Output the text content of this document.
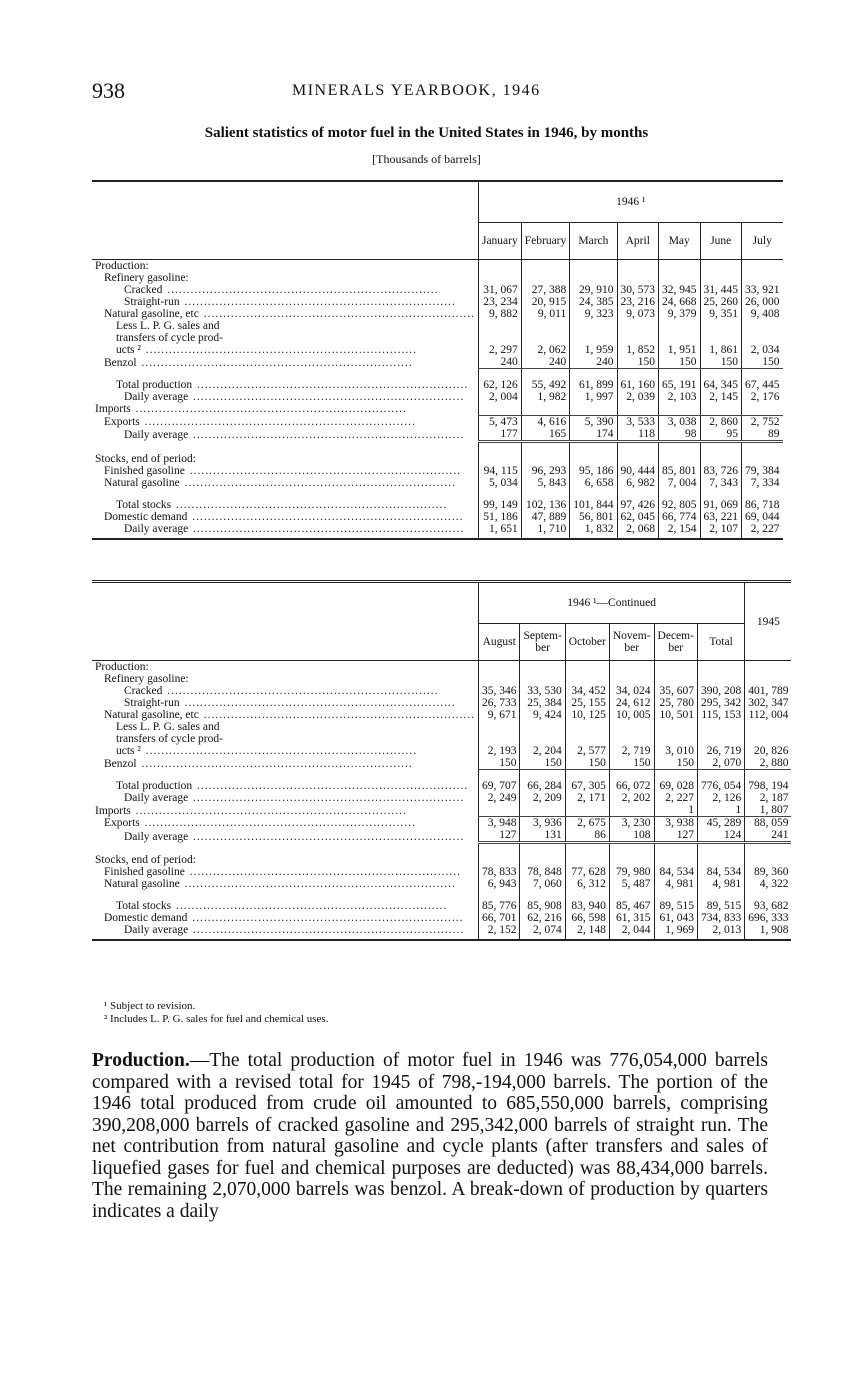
938	MINERALS YEARBOOK, 1946
Salient statistics of motor fuel in the United States in 1946, by months
[Thousands of barrels]
	1946 ¹						
	January	February	March	April	May	June	July
Production:							
Refinery gasoline:							
Cracked .....	31, 067	27, 388	29, 910	30, 573	32, 945	31, 445	33, 921
Straight-run .....	23, 234	20, 915	24, 385	23, 216	24, 668	25, 260	26, 000
Natural gasoline, etc .....	9, 882	9, 011	9, 323	9, 073	9, 379	9, 351	9, 408
Less L. P. G. sales and							
transfers of cycle prod-							
ucts ² .....	2, 297	2, 062	1, 959	1, 852	1, 951	1, 861	2, 034
Benzol .....	240	240	240	150	150	150	150

Total production .....	62, 126	55, 492	61, 899	61, 160	65, 191	64, 345	67, 445
Daily average .....	2, 004	1, 982	1, 997	2, 039	2, 103	2, 145	2, 176
Imports .....							
Exports .....	5, 473	4, 616	5, 390	3, 533	3, 038	2, 860	2, 752
Daily average .....	177	165	174	118	98	95	89

Stocks, end of period:							
Finished gasoline .....	94, 115	96, 293	95, 186	90, 444	85, 801	83, 726	79, 384
Natural gasoline .....	5, 034	5, 843	6, 658	6, 982	7, 004	7, 343	7, 334

Total stocks .....	99, 149	102, 136	101, 844	97, 426	92, 805	91, 069	86, 718
Domestic demand .....	51, 186	47, 889	56, 801	62, 045	66, 774	63, 221	69, 044
Daily average .....	1, 651	1, 710	1, 832	2, 068	2, 154	2, 107	2, 227
	1946 ¹—Continued						1945
	August	Septem-ber	October	Novem-ber	Decem-ber	Total	
Production:							
Refinery gasoline:							
Cracked .....	35, 346	33, 530	34, 452	34, 024	35, 607	390, 208	401, 789
Straight-run .....	26, 733	25, 384	25, 155	24, 612	25, 780	295, 342	302, 347
Natural gasoline, etc .....	9, 671	9, 424	10, 125	10, 005	10, 501	115, 153	112, 004
Less L. P. G. sales and							
transfers of cycle prod-							
ucts ² .....	2, 193	2, 204	2, 577	2, 719	3, 010	26, 719	20, 826
Benzol .....	150	150	150	150	150	2, 070	2, 880

Total production .....	69, 707	66, 284	67, 305	66, 072	69, 028	776, 054	798, 194
Daily average .....	2, 249	2, 209	2, 171	2, 202	2, 227	2, 126	2, 187
Imports .....					1	1	1, 807
Exports .....	3, 948	3, 936	2, 675	3, 230	3, 938	45, 289	88, 059
Daily average .....	127	131	86	108	127	124	241

Stocks, end of period:							
Finished gasoline .....	78, 833	78, 848	77, 628	79, 980	84, 534	84, 534	89, 360
Natural gasoline .....	6, 943	7, 060	6, 312	5, 487	4, 981	4, 981	4, 322

Total stocks .....	85, 776	85, 908	83, 940	85, 467	89, 515	89, 515	93, 682
Domestic demand .....	66, 701	62, 216	66, 598	61, 315	61, 043	734, 833	696, 333
Daily average .....	2, 152	2, 074	2, 148	2, 044	1, 969	2, 013	1, 908
¹ Subject to revision.
² Includes L. P. G. sales for fuel and chemical uses.
Production.—The total production of motor fuel in 1946 was 776,054,000 barrels compared with a revised total for 1945 of 798,-194,000 barrels. The portion of the 1946 total produced from crude oil amounted to 685,550,000 barrels, comprising 390,208,000 barrels of cracked gasoline and 295,342,000 barrels of straight run. The net contribution from natural gasoline and cycle plants (after transfers and sales of liquefied gases for fuel and chemical purposes are deducted) was 88,434,000 barrels. The remaining 2,070,000 barrels was benzol. A break-down of production by quarters indicates a daily
